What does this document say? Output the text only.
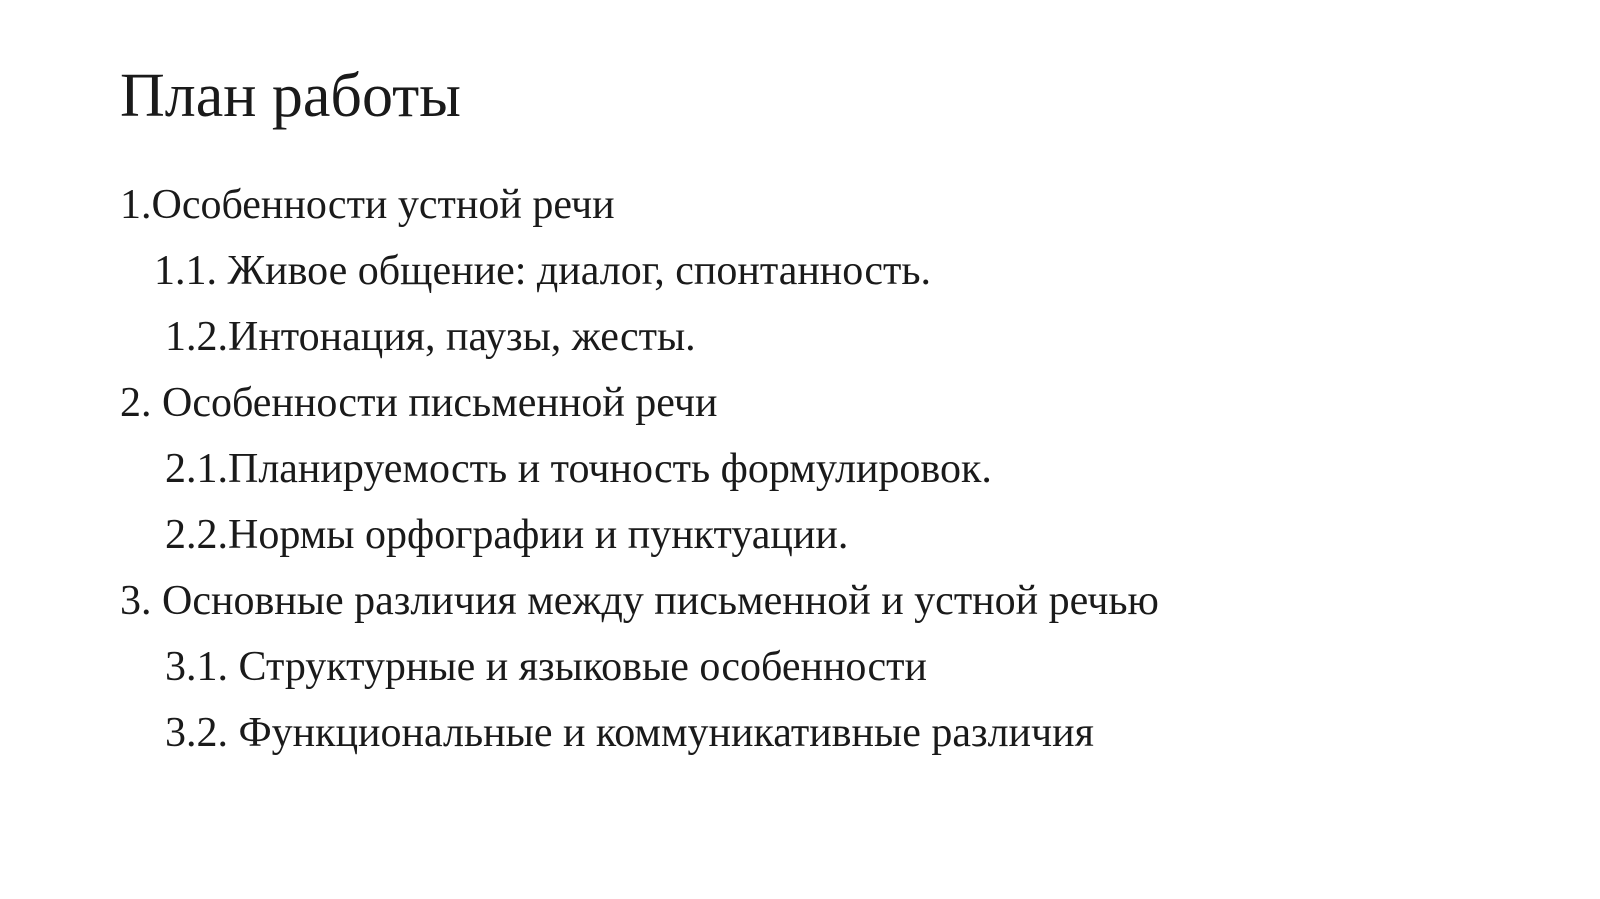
План работы
1.Особенности устной речи
1.1. Живое общение: диалог, спонтанность.
1.2.Интонация, паузы, жесты.
2. Особенности письменной речи
2.1.Планируемость и точность формулировок.
2.2.Нормы орфографии и пунктуации.
3. Основные различия между письменной и устной речью
3.1. Структурные и языковые особенности
3.2. Функциональные и коммуникативные различия
